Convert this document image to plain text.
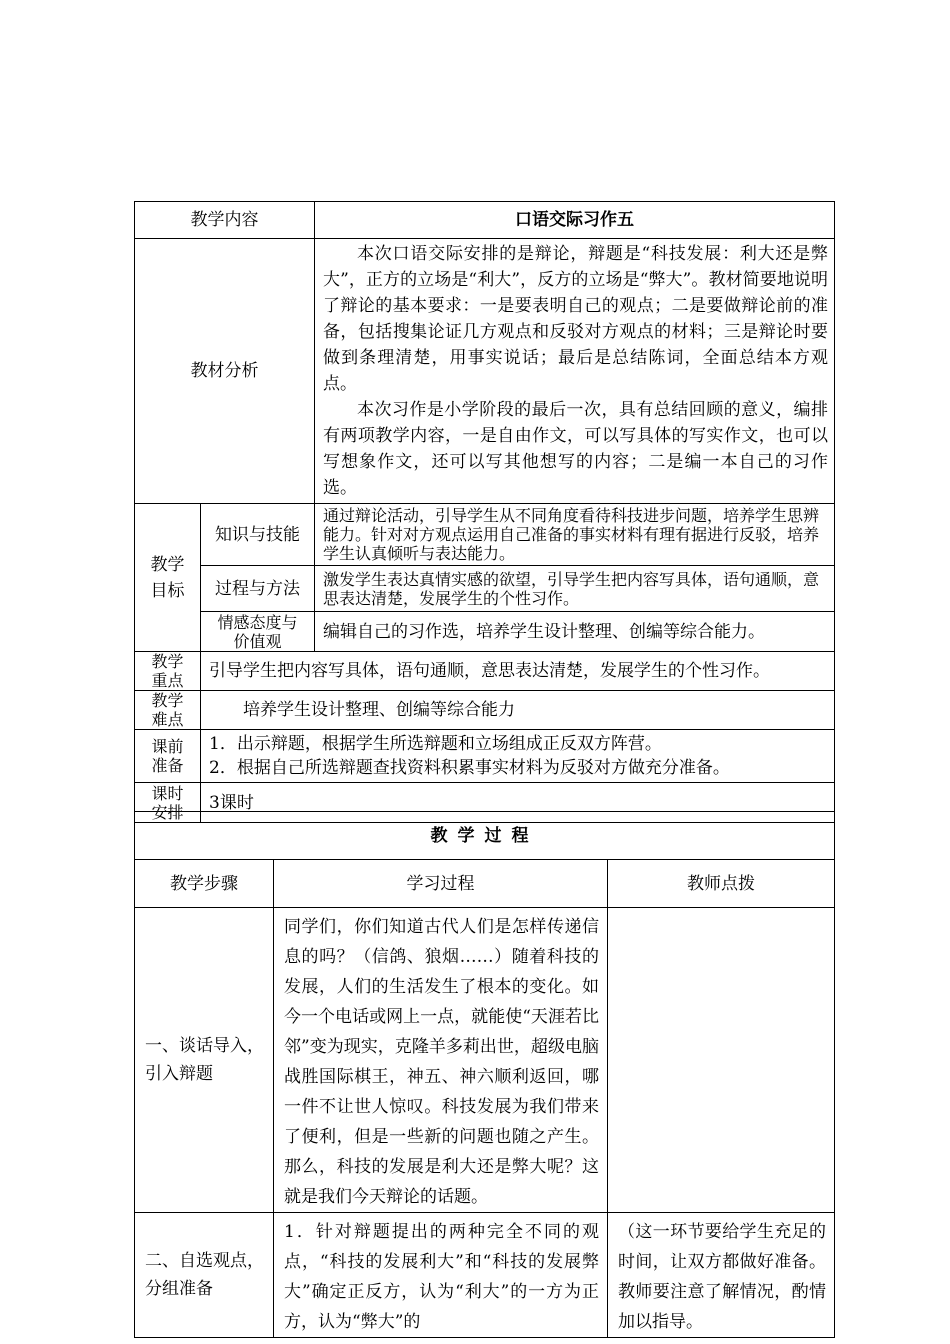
教学内容		口语交际习作五
教材分析		本次口语交际安排的是辩论，辩题是“科技发展：利大还是弊大”，正方的立场是“利大”，反方的立场是“弊大”。教材简要地说明了辩论的基本要求：一是要表明自己的观点；二是要做辩论前的准备，包括搜集论证几方观点和反驳对方观点的材料；三是辩论时要做到条理清楚，用事实说话；最后是总结陈词，全面总结本方观点。

本次习作是小学阶段的最后一次，具有总结回顾的意义，编排有两项教学内容，一是自由作文，可以写具体的写实作文，也可以写想象作文，还可以写其他想写的内容；二是编一本自己的习作选。

教学目标	知识与技能	通过辩论活动，引导学生从不同角度看待科技进步问题，培养学生思辨能力。针对对方观点运用自己准备的事实材料有理有据进行反驳，培养学生认真倾听与表达能力。
	过程与方法	激发学生表达真情实感的欲望，引导学生把内容写具体，语句通顺，意思表达清楚，发展学生的个性习作。
	情感态度与价值观	编辑自己的习作选，培养学生设计整理、创编等综合能力。
教学重点	引导学生把内容写具体，语句通顺，意思表达清楚，发展学生的个性习作。	
教学难点	培养学生设计整理、创编等综合能力	
课前准备	1．出示辩题，根据学生所选辩题和立场组成正反双方阵营。
2．根据自己所选辩题查找资料积累事实材料为反驳对方做充分准备。	

课时安排	3课时	
教学过程		
教学步骤	学习过程	教师点拨
一、谈话导入，引入辩题	同学们，你们知道古代人们是怎样传递信息的吗？（信鸽、狼烟……）随着科技的发展，人们的生活发生了根本的变化。如今一个电话或网上一点，就能使“天涯若比邻”变为现实，克隆羊多莉出世，超级电脑战胜国际棋王，神五、神六顺利返回，哪一件不让世人惊叹。科技发展为我们带来了便利，但是一些新的问题也随之产生。那么，科技的发展是利大还是弊大呢？这就是我们今天辩论的话题。	
二、自选观点，分组准备	1．针对辩题提出的两种完全不同的观点，“科技的发展利大”和“科技的发展弊大”确定正反方，认为“利大”的一方为正方，认为“弊大”的	（这一环节要给学生充足的时间，让双方都做好准备。教师要注意了解情况，酌情加以指导。
